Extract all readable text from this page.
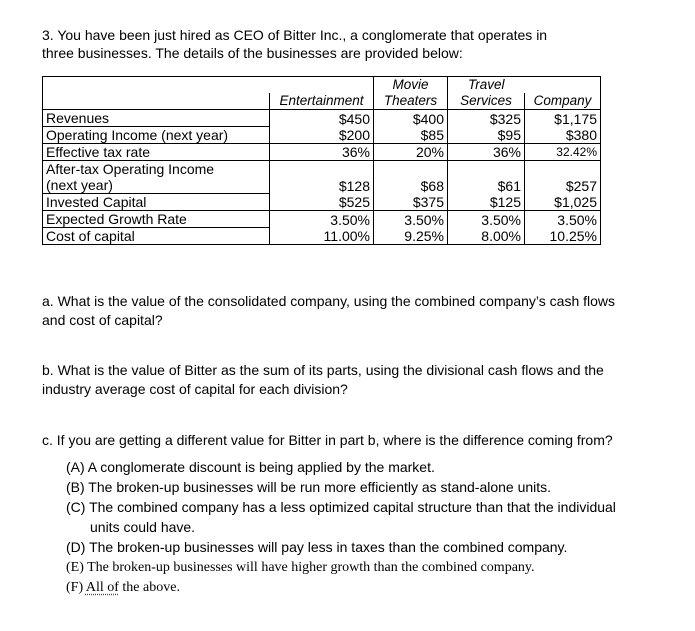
3. You have been just hired as CEO of Bitter Inc., a conglomerate that operates in
three businesses. The details of the businesses are provided below:
		Movie	Travel	
	Entertainment	Theaters	Services	Company
Revenues	$450	$400	$325	$1,175
Operating Income (next year)	$200	$85	$95	$380
Effective tax rate	36%	20%	36%	32.42%

After-tax Operating Income
(next year)	$128	$68	$61	$257
Invested Capital	$525	$375	$125	$1,025
Expected Growth Rate	3.50%	3.50%	3.50%	3.50%
Cost of capital	11.00%	9.25%	8.00%	10.25%
a. What is the value of the consolidated company, using the combined company’s cash flows
and cost of capital?
b. What is the value of Bitter as the sum of its parts, using the divisional cash flows and the
industry average cost of capital for each division?
c. If you are getting a different value for Bitter in part b, where is the difference coming from?
(A) A conglomerate discount is being applied by the market.
(B) The broken-up businesses will be run more efficiently as stand-alone units.
(C) The combined company has a less optimized capital structure than that the individual
units could have.
(D) The broken-up businesses will pay less in taxes than the combined company.
(E) The broken-up businesses will have higher growth than the combined company.
(F) All of the above.
